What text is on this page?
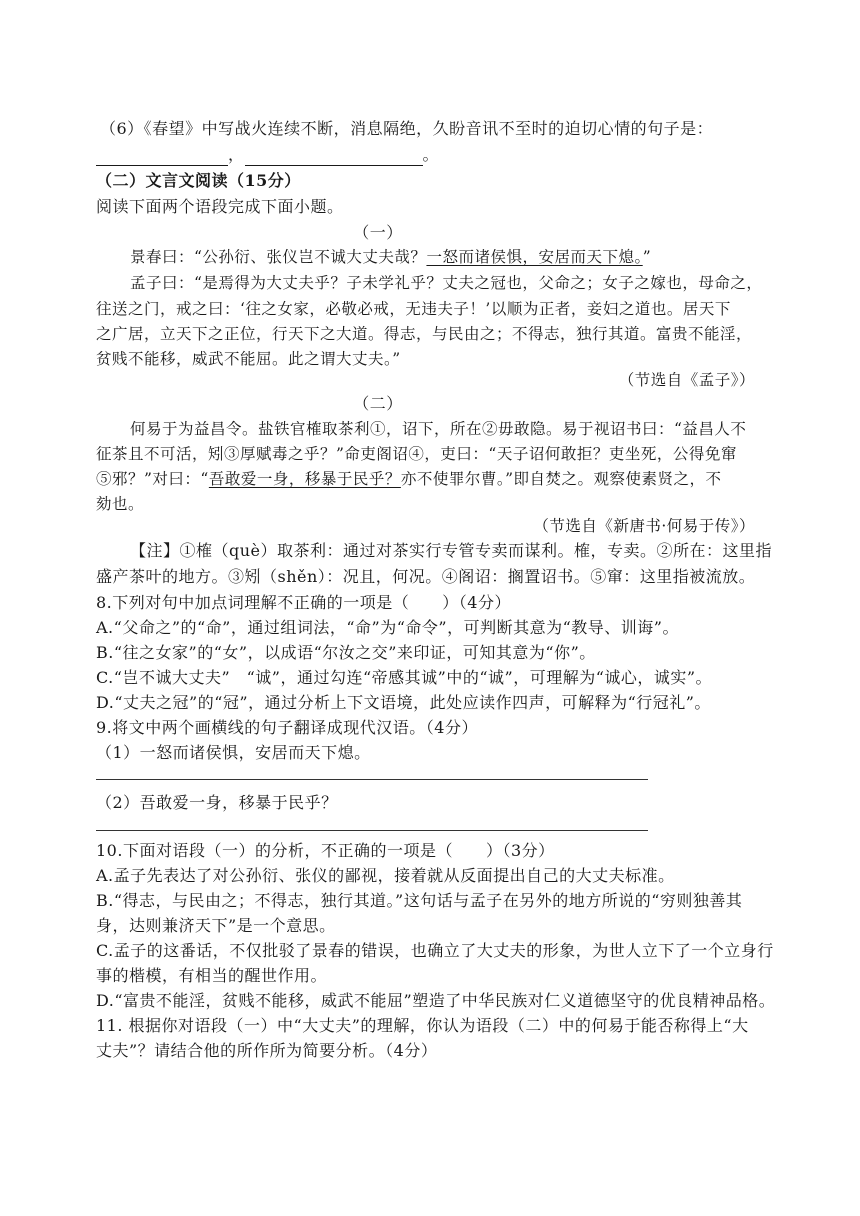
（6）《春望》中写战火连续不断，消息隔绝，久盼音讯不至时的迫切心情的句子是：
，	。
（二）文言文阅读（15分）
阅读下面两个语段完成下面小题。
（一）
景春曰：“公孙衍、张仪岂不诚大丈夫哉？一怒而诸侯惧，安居而天下熄。”
孟子曰：“是焉得为大丈夫乎？子未学礼乎？丈夫之冠也，父命之；女子之嫁也，母命之，
往送之门，戒之曰：‘往之女家，必敬必戒，无违夫子！’以顺为正者，妾妇之道也。居天下
之广居，立天下之正位，行天下之大道。得志，与民由之；不得志，独行其道。富贵不能淫，
贫贱不能移，威武不能屈。此之谓大丈夫。”
（节选自《孟子》）
（二）
何易于为益昌令。盐铁官榷取茶利①，诏下，所在②毋敢隐。易于视诏书曰：“益昌人不
征茶且不可活，矧③厚赋毒之乎？”命吏阁诏④，吏曰：“天子诏何敢拒？吏坐死，公得免窜
⑤邪？”对曰：“吾敢爱一身，移暴于民乎？亦不使罪尔曹。”即自焚之。观察使素贤之，不
劾也。
（节选自《新唐书·何易于传》）
【注】①榷（què）取茶利：通过对茶实行专管专卖而谋利。榷，专卖。②所在：这里指
盛产茶叶的地方。③矧（shěn）：况且，何况。④阁诏：搁置诏书。⑤窜：这里指被流放。
8.下列对句中加点词理解不正确的一项是（　　）（4分）
A.“父命之”的“命”，通过组词法，“命”为“命令”，可判断其意为“教导、训诲”。
B.“往之女家”的“女”，以成语“尔汝之交”来印证，可知其意为“你”。
C.“岂不诚大丈夫”　“诚”，通过勾连“帝感其诚”中的“诚”，可理解为“诚心，诚实”。
D.“丈夫之冠”的“冠”，通过分析上下文语境，此处应读作四声，可解释为“行冠礼”。
9.将文中两个画横线的句子翻译成现代汉语。（4分）
（1）一怒而诸侯惧，安居而天下熄。
（2）吾敢爱一身，移暴于民乎？
10.下面对语段（一）的分析，不正确的一项是（　　）（3分）
A.孟子先表达了对公孙衍、张仪的鄙视，接着就从反面提出自己的大丈夫标准。
B.“得志，与民由之；不得志，独行其道。”这句话与孟子在另外的地方所说的“穷则独善其
身，达则兼济天下”是一个意思。
C.孟子的这番话，不仅批驳了景春的错误，也确立了大丈夫的形象，为世人立下了一个立身行
事的楷模，有相当的醒世作用。
D.“富贵不能淫，贫贱不能移，威武不能屈”塑造了中华民族对仁义道德坚守的优良精神品格。
11. 根据你对语段（一）中“大丈夫”的理解，你认为语段（二）中的何易于能否称得上“大
丈夫”？请结合他的所作所为简要分析。（4分）
